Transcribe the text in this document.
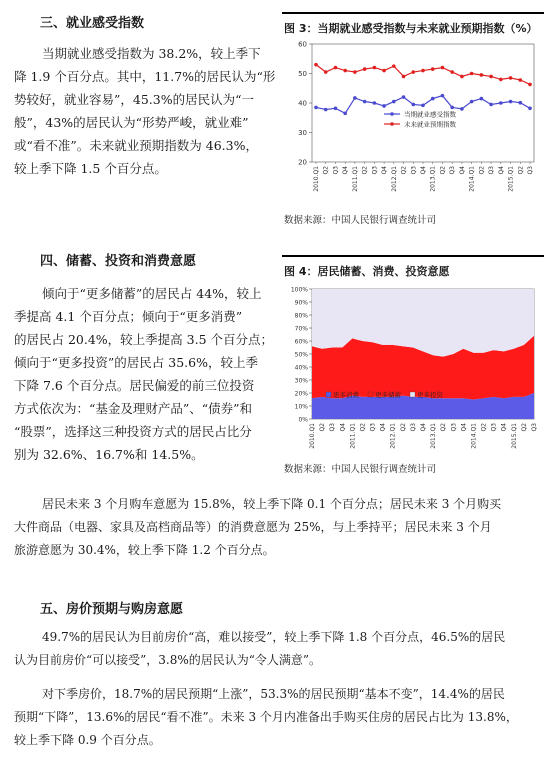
三、就业感受指数
当期就业感受指数为 38.2%，较上季下
降 1.9 个百分点。其中，11.7%的居民认为“形
势较好，就业容易”，45.3%的居民认为“一
般”，43%的居民认为“形势严峻，就业难”
或“看不准”。未来就业预期指数为 46.3%，
较上季下降 1.5 个百分点。
图 3：当期就业感受指数与未来就业预期指数（%）
20
30
40
50
60
2010.Q1 Q2 Q3 Q4 2011.Q1 Q2 Q3 Q4 2012.Q1 Q2 Q3 Q4 2013.Q1 Q2 Q3 Q4 2014.Q1 Q2 Q3 Q4 2015.Q1 Q2 Q3
当期就业感受指数
未来就业预期指数
数据来源：中国人民银行调查统计司
四、储蓄、投资和消费意愿
倾向于“更多储蓄”的居民占 44%，较上
季提高 4.1 个百分点；倾向于“更多消费”
的居民占 20.4%，较上季提高 3.5 个百分点；
倾向于“更多投资”的居民占 35.6%，较上季
下降 7.6 个百分点。居民偏爱的前三位投资
方式依次为：“基金及理财产品”、“债券”和
“股票”，选择这三种投资方式的居民占比分
别为 32.6%、16.7%和 14.5%。
图 4：居民储蓄、消费、投资意愿
0%
10%
20%
30%
40%
50%
60%
70%
80%
90%
100%
2010.Q1 Q2 Q3 Q4 2011.Q1 Q2 Q3 Q4 2012.Q1 Q2 Q3 Q4 2013.Q1 Q2 Q3 Q4 2014.Q1 Q2 Q3 Q4 2015.Q1 Q2 Q3
更多消费 更多储蓄 更多投资
数据来源：中国人民银行调查统计司
居民未来 3 个月购车意愿为 15.8%，较上季下降 0.1 个百分点；居民未来 3 个月购买
大件商品（电器、家具及高档商品等）的消费意愿为 25%，与上季持平；居民未来 3 个月
旅游意愿为 30.4%，较上季下降 1.2 个百分点。
五、房价预期与购房意愿
49.7%的居民认为目前房价“高，难以接受”，较上季下降 1.8 个百分点，46.5%的居民
认为目前房价“可以接受”，3.8%的居民认为“令人满意”。
对下季房价，18.7%的居民预期“上涨”，53.3%的居民预期“基本不变”，14.4%的居民
预期“下降”，13.6%的居民“看不准”。未来 3 个月内准备出手购买住房的居民占比为 13.8%，
较上季下降 0.9 个百分点。
